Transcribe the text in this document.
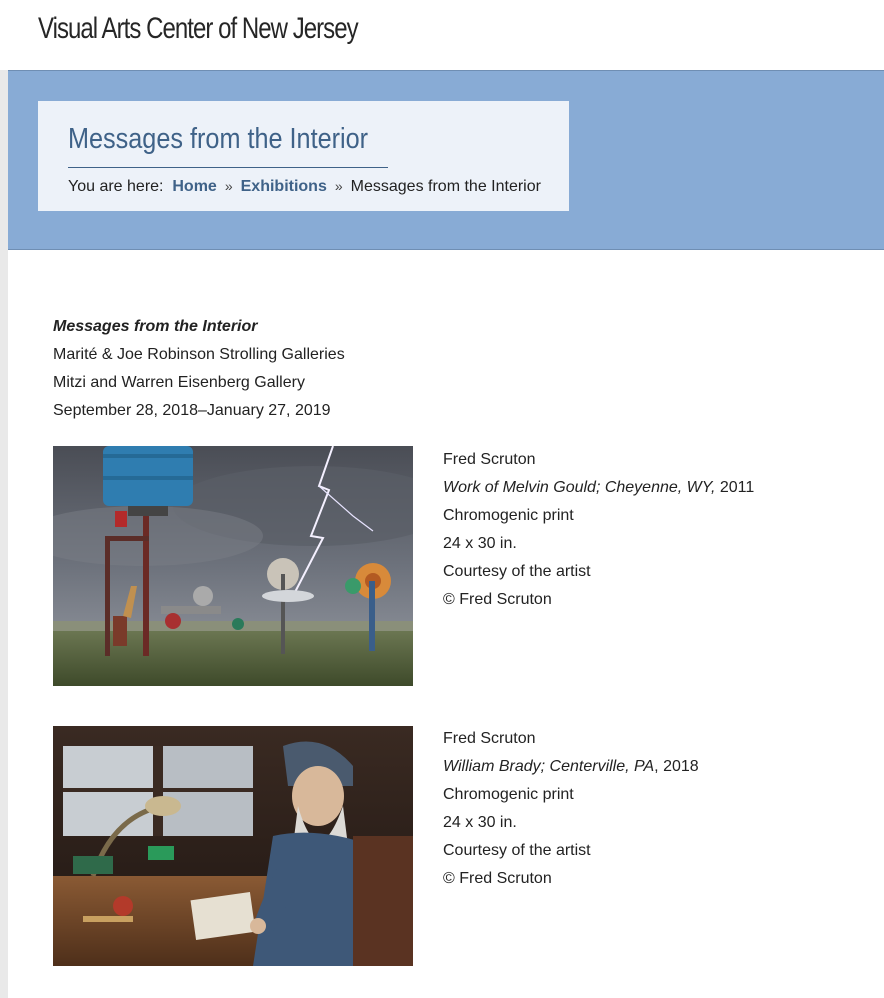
Visual Arts Center of New Jersey
Messages from the Interior
You are here: Home » Exhibitions » Messages from the Interior
Messages from the Interior
Marité & Joe Robinson Strolling Galleries
Mitzi and Warren Eisenberg Gallery
September 28, 2018–January 27, 2019
Fred Scruton
Work of Melvin Gould; Cheyenne, WY, 2011
Chromogenic print
24 x 30 in.
Courtesy of the artist
© Fred Scruton
Fred Scruton
William Brady; Centerville, PA, 2018
Chromogenic print
24 x 30 in.
Courtesy of the artist
© Fred Scruton
